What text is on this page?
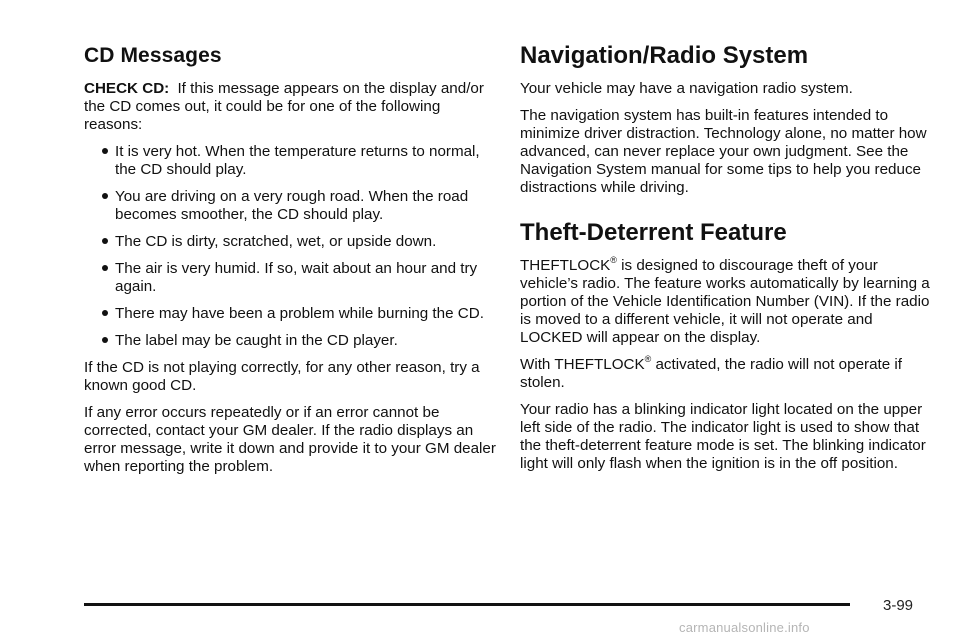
CD Messages

CHECK CD: If this message appears on the display and/or the CD comes out, it could be for one of the following reasons:

It is very hot. When the temperature returns to normal, the CD should play.
You are driving on a very rough road. When the road becomes smoother, the CD should play.
The CD is dirty, scratched, wet, or upside down.
The air is very humid. If so, wait about an hour and try again.
There may have been a problem while burning the CD.
The label may be caught in the CD player.

If the CD is not playing correctly, for any other reason, try a known good CD.

If any error occurs repeatedly or if an error cannot be corrected, contact your GM dealer. If the radio displays an error message, write it down and provide it to your GM dealer when reporting the problem.

Navigation/Radio System

Your vehicle may have a navigation radio system.

The navigation system has built-in features intended to minimize driver distraction. Technology alone, no matter how advanced, can never replace your own judgment. See the Navigation System manual for some tips to help you reduce distractions while driving.

Theft-Deterrent Feature

THEFTLOCK® is designed to discourage theft of your vehicle’s radio. The feature works automatically by learning a portion of the Vehicle Identification Number (VIN). If the radio is moved to a different vehicle, it will not operate and LOCKED will appear on the display.

With THEFTLOCK® activated, the radio will not operate if stolen.

Your radio has a blinking indicator light located on the upper left side of the radio. The indicator light is used to show that the theft-deterrent feature mode is set. The blinking indicator light will only flash when the ignition is in the off position.

3-99
carmanualsonline.info
